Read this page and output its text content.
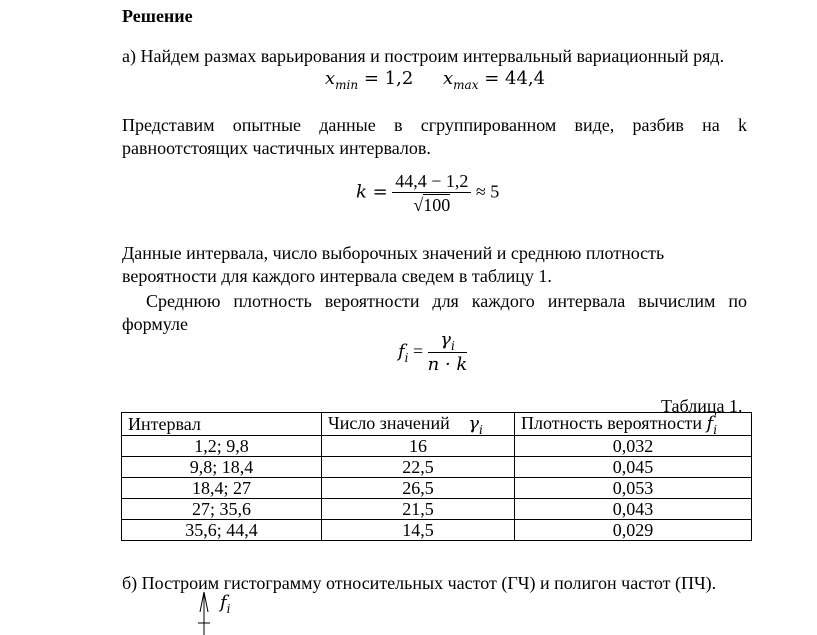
Решение
а) Найдем размах варьирования и построим интервальный вариационный ряд.
$x_{min} = 1,2$ $x_{max} = 44,4$
Представим опытные данные в сгруппированном виде, разбив на k
равноотстоящих частичных интервалов.
$k = \frac{44,4 - 1,2}{√100} \approx 5$
Данные интервала, число выборочных значений и среднюю плотность
вероятности для каждого интервала сведем в таблицу 1.
Среднюю плотность вероятности для каждого интервала вычислим по
формуле
$f_i = \frac{\gamma_i}{n \cdot k}$
Таблица 1.
Интервал	Число значений $\gamma_i$	Плотность вероятности $f_i$
1,2; 9,8	16	0,032
9,8; 18,4	22,5	0,045
18,4; 27	26,5	0,053
27; 35,6	21,5	0,043
35,6; 44,4	14,5	0,029
б) Построим гистограмму относительных частот (ГЧ) и полигон частот (ПЧ).
$f_i$
